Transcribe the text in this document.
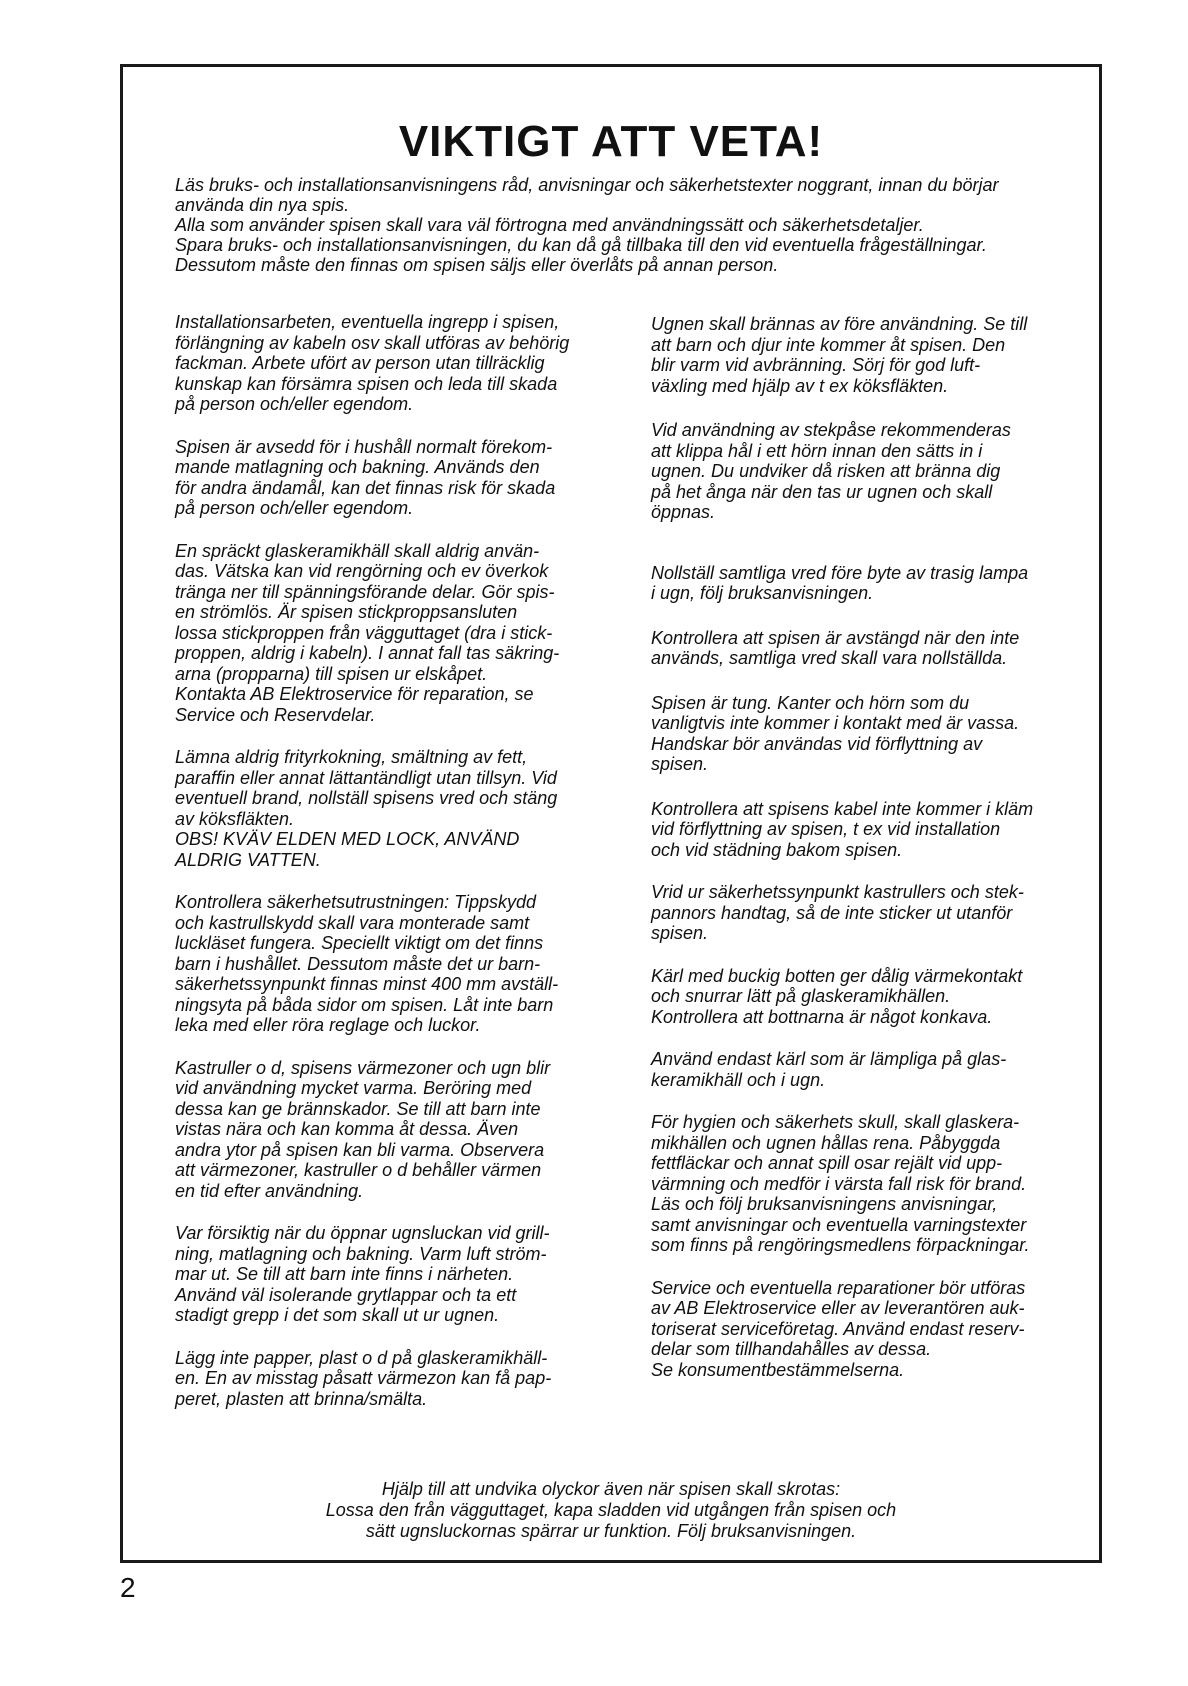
VIKTIGT ATT VETA!

Läs bruks- och installationsanvisningens råd, anvisningar och säkerhetstexter noggrant, innan du börjar använda din nya spis.

Alla som använder spisen skall vara väl förtrogna med användningssätt och säkerhetsdetaljer.

Spara bruks- och installationsanvisningen, du kan då gå tillbaka till den vid eventuella frågeställningar. Dessutom måste den finnas om spisen säljs eller överlåts på annan person.

Installationsarbeten, eventuella ingrepp i spisen,
förlängning av kabeln osv skall utföras av behörig
fackman. Arbete ufört av person utan tillräcklig
kunskap kan försämra spisen och leda till skada
på person och/eller egendom.

Spisen är avsedd för i hushåll normalt förekom-
mande matlagning och bakning. Används den
för andra ändamål, kan det finnas risk för skada
på person och/eller egendom.

En spräckt glaskeramikhäll skall aldrig använ-
das. Vätska kan vid rengörning och ev överkok
tränga ner till spänningsförande delar. Gör spis-
en strömlös. Är spisen stickproppsansluten
lossa stickproppen från vägguttaget (dra i stick-
proppen, aldrig i kabeln). I annat fall tas säkring-
arna (propparna) till spisen ur elskåpet.
Kontakta AB Elektroservice för reparation, se
Service och Reservdelar.

Lämna aldrig frityrkokning, smältning av fett,
paraffin eller annat lättantändligt utan tillsyn. Vid
eventuell brand, nollställ spisens vred och stäng
av köksfläkten.
OBS! KVÄV ELDEN MED LOCK, ANVÄND
ALDRIG VATTEN.

Kontrollera säkerhetsutrustningen: Tippskydd
och kastrullskydd skall vara monterade samt
luckläset fungera. Speciellt viktigt om det finns
barn i hushållet. Dessutom måste det ur barn-
säkerhetssynpunkt finnas minst 400 mm avställ-
ningsyta på båda sidor om spisen. Låt inte barn
leka med eller röra reglage och luckor.

Kastruller o d, spisens värmezoner och ugn blir
vid användning mycket varma. Beröring med
dessa kan ge brännskador. Se till att barn inte
vistas nära och kan komma åt dessa. Även
andra ytor på spisen kan bli varma. Observera
att värmezoner, kastruller o d behåller värmen
en tid efter användning.

Var försiktig när du öppnar ugnsluckan vid grill-
ning, matlagning och bakning. Varm luft ström-
mar ut. Se till att barn inte finns i närheten.
Använd väl isolerande grytlappar och ta ett
stadigt grepp i det som skall ut ur ugnen.

Lägg inte papper, plast o d på glaskeramikhäll-
en. En av misstag påsatt värmezon kan få pap-
peret, plasten att brinna/smälta.

Ugnen skall brännas av före användning. Se till
att barn och djur inte kommer åt spisen. Den
blir varm vid avbränning. Sörj för god luft-
växling med hjälp av t ex köksfläkten.

Vid användning av stekpåse rekommenderas
att klippa hål i ett hörn innan den sätts in i
ugnen. Du undviker då risken att bränna dig
på het ånga när den tas ur ugnen och skall
öppnas.

Nollställ samtliga vred före byte av trasig lampa
i ugn, följ bruksanvisningen.

Kontrollera att spisen är avstängd när den inte
används, samtliga vred skall vara nollställda.

Spisen är tung. Kanter och hörn som du
vanligtvis inte kommer i kontakt med är vassa.
Handskar bör användas vid förflyttning av
spisen.

Kontrollera att spisens kabel inte kommer i kläm
vid förflyttning av spisen, t ex vid installation
och vid städning bakom spisen.

Vrid ur säkerhetssynpunkt kastrullers och stek-
pannors handtag, så de inte sticker ut utanför
spisen.

Kärl med buckig botten ger dålig värmekontakt
och snurrar lätt på glaskeramikhällen.
Kontrollera att bottnarna är något konkava.

Använd endast kärl som är lämpliga på glas-
keramikhäll och i ugn.

För hygien och säkerhets skull, skall glaskera-
mikhällen och ugnen hållas rena. Påbyggda
fettfläckar och annat spill osar rejält vid upp-
värmning och medför i värsta fall risk för brand.
Läs och följ bruksanvisningens anvisningar,
samt anvisningar och eventuella varningstexter
som finns på rengöringsmedlens förpackningar.

Service och eventuella reparationer bör utföras
av AB Elektroservice eller av leverantören auk-
toriserat serviceföretag. Använd endast reserv-
delar som tillhandahålles av dessa.
Se konsumentbestämmelserna.

Hjälp till att undvika olyckor även när spisen skall skrotas:

Lossa den från vägguttaget, kapa sladden vid utgången från spisen och

sätt ugnsluckornas spärrar ur funktion. Följ bruksanvisningen.

2
